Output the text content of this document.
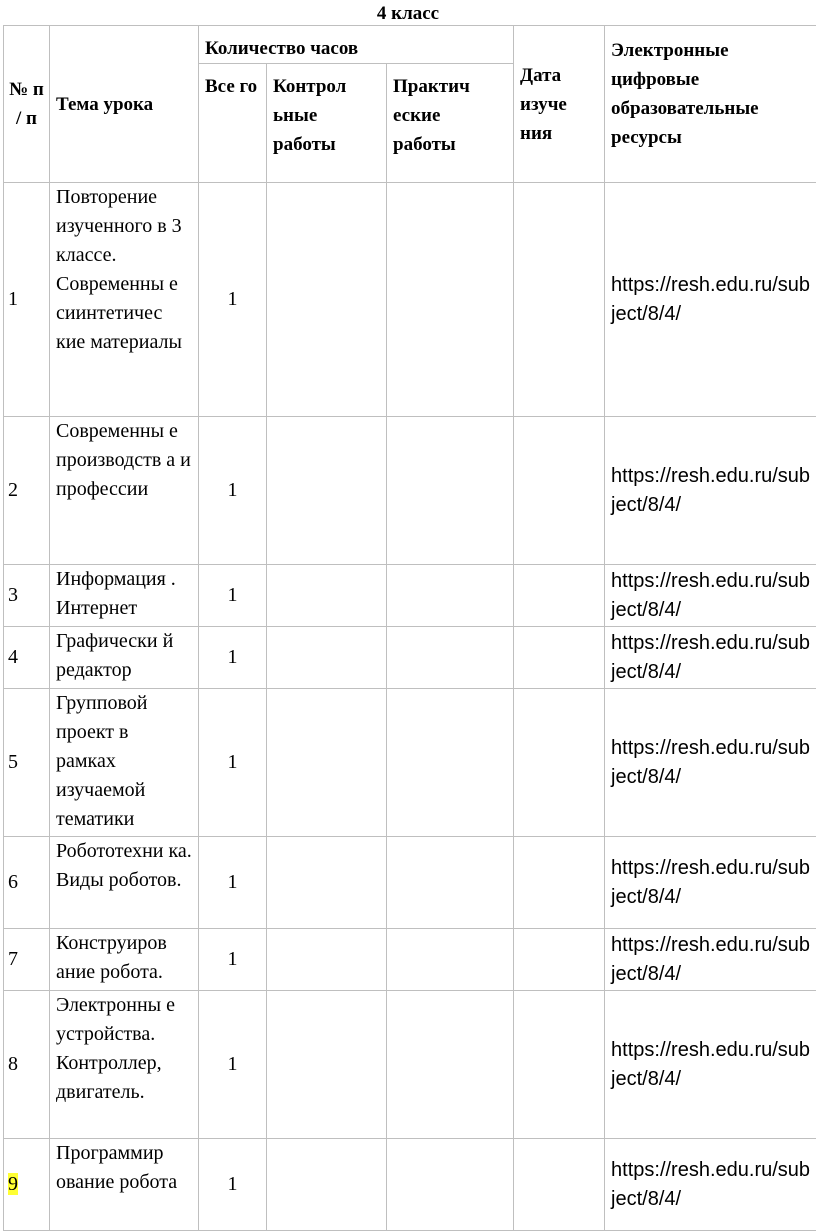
4 класс
№ п / п	Тема урока	Количество часов			Дата изуче ния	Электронные цифровые образовательные ресурсы
		Все го	Контрол ьные работы	Практич еские работы		
1	Повторение изученного в 3 классе. Современны е сиинтетичес кие материалы	1				https://resh.edu.ru/subject/8/4/
2	Современны е производств а и профессии	1				https://resh.edu.ru/subject/8/4/
3	Информация . Интернет	1				https://resh.edu.ru/subject/8/4/
4	Графически й редактор	1				https://resh.edu.ru/subject/8/4/
5	Групповой проект в рамках изучаемой тематики	1				https://resh.edu.ru/subject/8/4/
6	Робототехни ка. Виды роботов.	1				https://resh.edu.ru/subject/8/4/
7	Конструиров ание робота.	1				https://resh.edu.ru/subject/8/4/
8	Электронны е устройства. Контроллер, двигатель.	1				https://resh.edu.ru/subject/8/4/
9	Программир ование робота	1				https://resh.edu.ru/subject/8/4/
